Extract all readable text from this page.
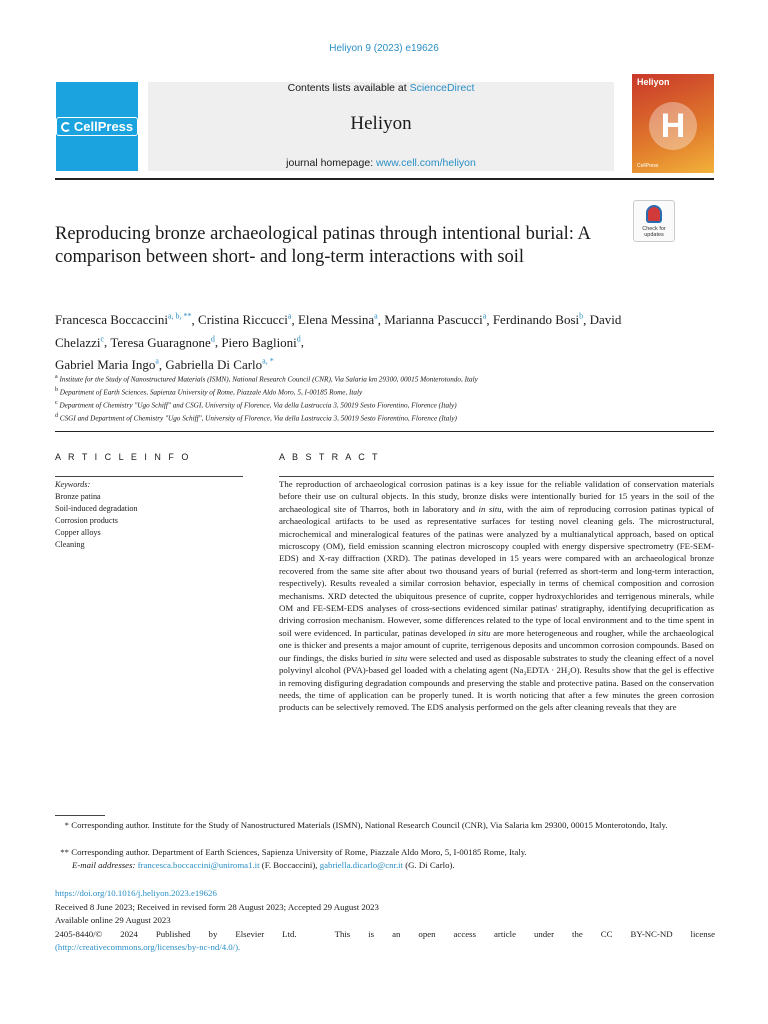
Heliyon 9 (2023) e19626
CellPress
Contents lists available at ScienceDirect
Heliyon
journal homepage: www.cell.com/heliyon
Heliyon
H
CellPress
Check for updates
Reproducing bronze archaeological patinas through intentional burial: A comparison between short- and long-term interactions with soil
Francesca Boccaccini$^{a, b, **}$, Cristina Riccucci$^a$, Elena Messina$^a$, Marianna Pascucci$^a$, Ferdinando Bosi$^b$, David Chelazzi$^c$, Teresa Guaragnone$^d$, Piero Baglioni$^d$,
Gabriel Maria Ingo$^a$, Gabriella Di Carlo$^{a, *}$
$^a$ Institute for the Study of Nanostructured Materials (ISMN), National Research Council (CNR), Via Salaria km 29300, 00015 Monterotondo, Italy
$^b$ Department of Earth Sciences, Sapienza University of Rome, Piazzale Aldo Moro, 5, I-00185 Rome, Italy
$^c$ Department of Chemistry "Ugo Schiff" and CSGI, University of Florence, Via della Lastruccia 3, 50019 Sesto Fiorentino, Florence (Italy)
$^d$ CSGI and Department of Chemistry "Ugo Schiff", University of Florence, Via della Lastruccia 3, 50019 Sesto Fiorentino, Florence (Italy)
A R T I C L E I N F O	A B S T R A C T
Keywords:
Bronze patina
Soil-induced degradation
Corrosion products
Copper alloys
Cleaning
The reproduction of archaeological corrosion patinas is a key issue for the reliable validation of conservation materials before their use on cultural objects. In this study, bronze disks were intentionally buried for 15 years in the soil of the archaeological site of Tharros, both in laboratory and in situ, with the aim of reproducing corrosion patinas typical of archaeological artifacts to be used as representative surfaces for testing novel cleaning gels. The microstructural, microchemical and mineralogical features of the patinas were analyzed by a multianalytical approach, based on optical microscopy (OM), field emission scanning electron microscopy coupled with energy dispersive spectrometry (FE-SEM-EDS) and X-ray diffraction (XRD). The patinas developed in 15 years were compared with an archaeological bronze recovered from the same site after about two thousand years of burial (referred as short-term and long-term interaction, respectively). Results revealed a similar corrosion behavior, especially in terms of chemical composition and corrosion mechanisms. XRD detected the ubiquitous presence of cuprite, copper hydroxychlorides and terrigenous minerals, while OM and FE-SEM-EDS analyses of cross-sections evidenced similar patinas' stratigraphy, identifying decuprification as driving corrosion mechanism. However, some differences related to the type of local environment and to the time spent in soil were evidenced. In particular, patinas developed in situ are more heterogeneous and rougher, while the archaeological one is thicker and presents a major amount of cuprite, terrigenous deposits and uncommon corrosion compounds. Based on our findings, the disks buried in situ were selected and used as disposable substrates to study the cleaning effect of a novel polyvinyl alcohol (PVA)-based gel loaded with a chelating agent (Na₂EDTA · 2H₂O). Results show that the gel is effective in removing disfiguring degradation compounds and preserving the stable and protective patina. Based on the conservation needs, the time of application can be properly tuned. It is worth noticing that after a few minutes the green corrosion products can be selectively removed. The EDS analysis performed on the gels after cleaning reveals that they are
* Corresponding author. Institute for the Study of Nanostructured Materials (ISMN), National Research Council (CNR), Via Salaria km 29300, 00015 Monterotondo, Italy.
** Corresponding author. Department of Earth Sciences, Sapienza University of Rome, Piazzale Aldo Moro, 5, I-00185 Rome, Italy.
E-mail addresses: francesca.boccaccini@uniroma1.it (F. Boccaccini), gabriella.dicarlo@cnr.it (G. Di Carlo).
https://doi.org/10.1016/j.heliyon.2023.e19626
Received 8 June 2023; Received in revised form 28 August 2023; Accepted 29 August 2023
Available online 29 August 2023
2405-8440/© 2024 Published by Elsevier Ltd.	This is an open access article under the CC BY-NC-ND license
(http://creativecommons.org/licenses/by-nc-nd/4.0/).
